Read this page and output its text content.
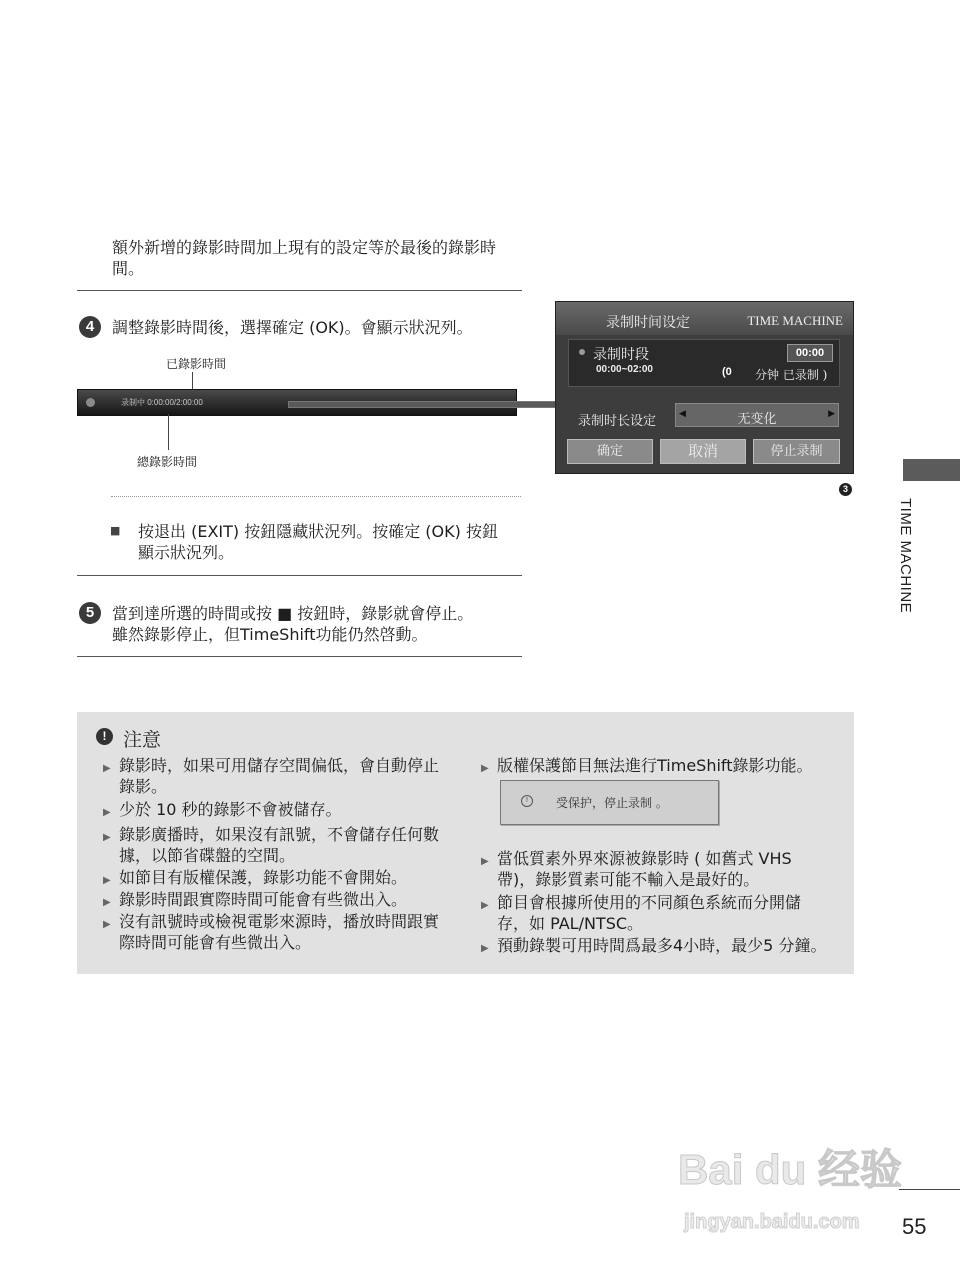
額外新增的錄影時間加上現有的設定等於最後的錄影時
間。
4	調整錄影時間後，選擇確定 (OK)。會顯示狀況列。
已錄影時間
录制中 0:00:00/2:00:00
總錄影時間
■ 按退出 (EXIT) 按鈕隱藏狀況列。按確定 (OK) 按鈕
顯示狀況列。
5	當到達所選的時間或按 ■ 按鈕時，錄影就會停止。
雖然錄影停止，但TimeShift功能仍然啓動。
录制时间设定	TIME MACHINE
录制时段
00:00~02:00
00:00
(0 分钟 已录制 )
录制时长设定	◀	无变化	▶
确定	取消	停止录制
3
TIME MACHINE
! 注意
▶ 錄影時，如果可用儲存空間偏低，會自動停止
錄影。
▶ 少於 10 秒的錄影不會被儲存。
▶ 錄影廣播時，如果沒有訊號，不會儲存任何數
據，以節省碟盤的空間。
▶ 如節目有版權保護，錄影功能不會開始。
▶ 錄影時間跟實際時間可能會有些微出入。
▶ 沒有訊號時或檢視電影來源時，播放時間跟實
際時間可能會有些微出入。
▶ 版權保護節目無法進行TimeShift錄影功能。
!	受保护，停止录制 。
▶ 當低質素外界來源被錄影時 ( 如舊式 VHS
帶)，錄影質素可能不輸入是最好的。
▶ 節目會根據所使用的不同顏色系統而分開儲
存，如 PAL/NTSC。
▶ 預動錄製可用時間爲最多4小時，最少5 分鐘。
Bai du 经验
jingyan.baidu.com 55
